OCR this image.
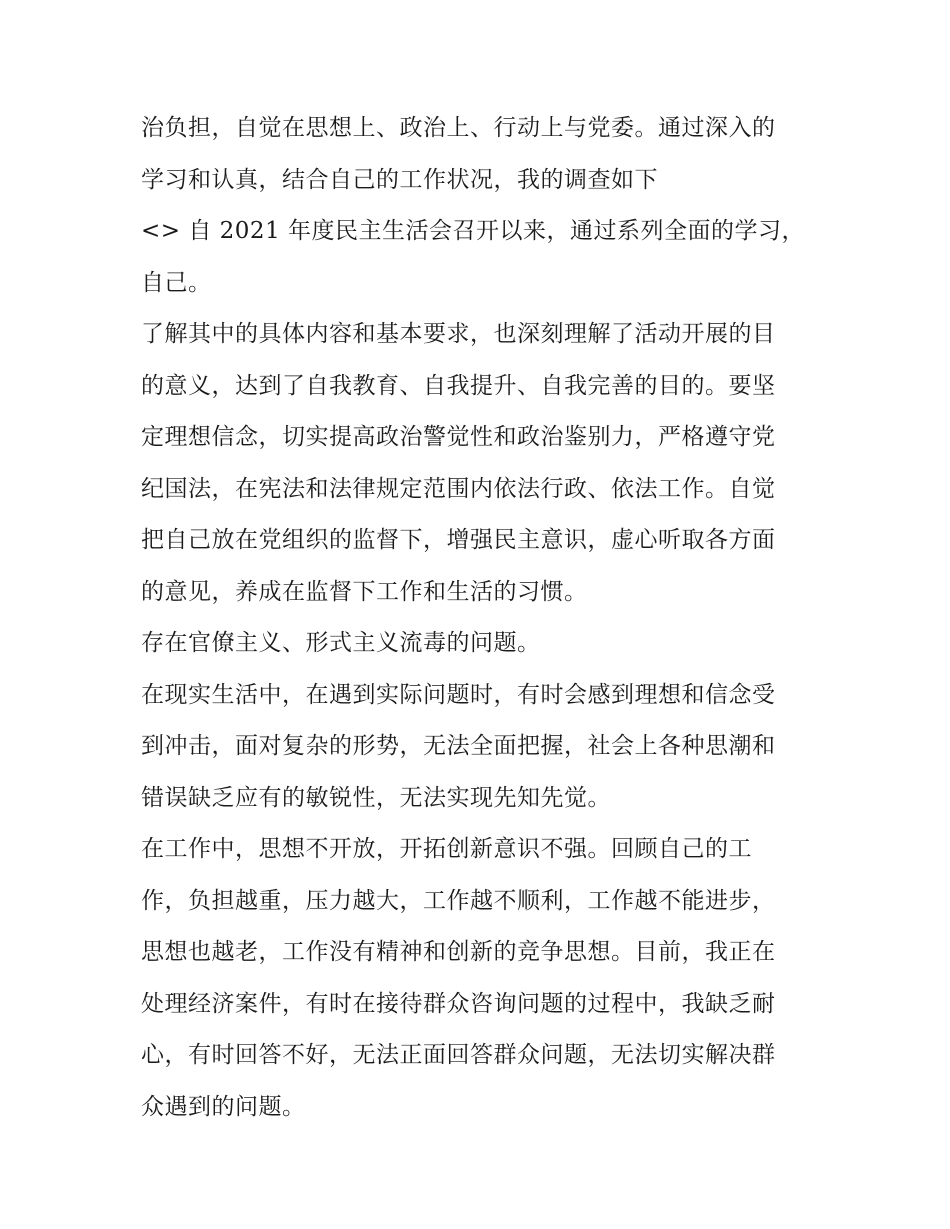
治负担，自觉在思想上、政治上、行动上与党委。通过深入的
学习和认真，结合自己的工作状况，我的调查如下
<> 自 2021 年度民主生活会召开以来，通过系列全面的学习，
自己。
了解其中的具体内容和基本要求，也深刻理解了活动开展的目
的意义，达到了自我教育、自我提升、自我完善的目的。要坚
定理想信念，切实提高政治警觉性和政治鉴别力，严格遵守党
纪国法，在宪法和法律规定范围内依法行政、依法工作。自觉
把自己放在党组织的监督下，增强民主意识，虚心听取各方面
的意见，养成在监督下工作和生活的习惯。
存在官僚主义、形式主义流毒的问题。
在现实生活中，在遇到实际问题时，有时会感到理想和信念受
到冲击，面对复杂的形势，无法全面把握，社会上各种思潮和
错误缺乏应有的敏锐性，无法实现先知先觉。
在工作中，思想不开放，开拓创新意识不强。回顾自己的工
作，负担越重，压力越大，工作越不顺利，工作越不能进步，
思想也越老，工作没有精神和创新的竞争思想。目前，我正在
处理经济案件，有时在接待群众咨询问题的过程中，我缺乏耐
心，有时回答不好，无法正面回答群众问题，无法切实解决群
众遇到的问题。
